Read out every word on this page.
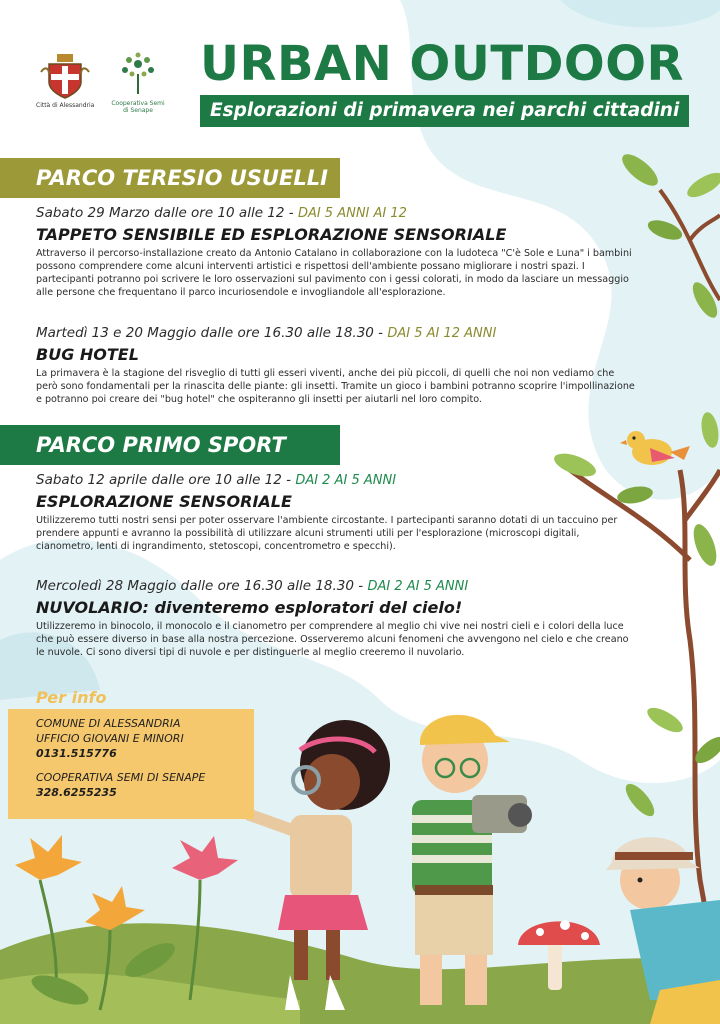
Città di Alessandria	Cooperativa Semi di Senape
URBAN OUTDOOR
Esplorazioni di primavera nei parchi cittadini
PARCO TERESIO USUELLI
Sabato 29 Marzo dalle ore 10 alle 12 - DAI 5 ANNI AI 12
TAPPETO SENSIBILE ED ESPLORAZIONE SENSORIALE
Attraverso il percorso-installazione creato da Antonio Catalano in collaborazione con la ludoteca "C'è Sole e Luna" i bambini possono comprendere come alcuni interventi artistici e rispettosi dell'ambiente possano migliorare i nostri spazi. I partecipanti potranno poi scrivere le loro osservazioni sul pavimento con i gessi colorati, in modo da lasciare un messaggio alle persone che frequentano il parco incuriosendole e invogliandole all'esplorazione.
Martedì 13 e 20 Maggio dalle ore 16.30 alle 18.30 - DAI 5 AI 12 ANNI
BUG HOTEL
La primavera è la stagione del risveglio di tutti gli esseri viventi, anche dei più piccoli, di quelli che noi non vediamo che però sono fondamentali per la rinascita delle piante: gli insetti. Tramite un gioco i bambini potranno scoprire l'impollinazione e potranno poi creare dei "bug hotel" che ospiteranno gli insetti per aiutarli nel loro compito.
PARCO PRIMO SPORT
Sabato 12 aprile dalle ore 10 alle 12 - DAI 2 AI 5 ANNI
ESPLORAZIONE SENSORIALE
Utilizzeremo tutti nostri sensi per poter osservare l'ambiente circostante. I partecipanti saranno dotati di un taccuino per prendere appunti e avranno la possibilità di utilizzare alcuni strumenti utili per l'esplorazione (microscopi digitali, cianometro, lenti di ingrandimento, stetoscopi, concentrometro e specchi).
Mercoledì 28 Maggio dalle ore 16.30 alle 18.30 - DAI 2 AI 5 ANNI
NUVOLARIO: diventeremo esploratori del cielo!
Utilizzeremo in binocolo, il monocolo e il cianometro per comprendere al meglio chi vive nei nostri cieli e i colori della luce che può essere diverso in base alla nostra percezione. Osserveremo alcuni fenomeni che avvengono nel cielo e che creano le nuvole. Ci sono diversi tipi di nuvole e per distinguerle al meglio creeremo il nuvolario.
Per info
COMUNE DI ALESSANDRIA
UFFICIO GIOVANI E MINORI
0131.515776
COOPERATIVA SEMI DI SENAPE
328.6255235
